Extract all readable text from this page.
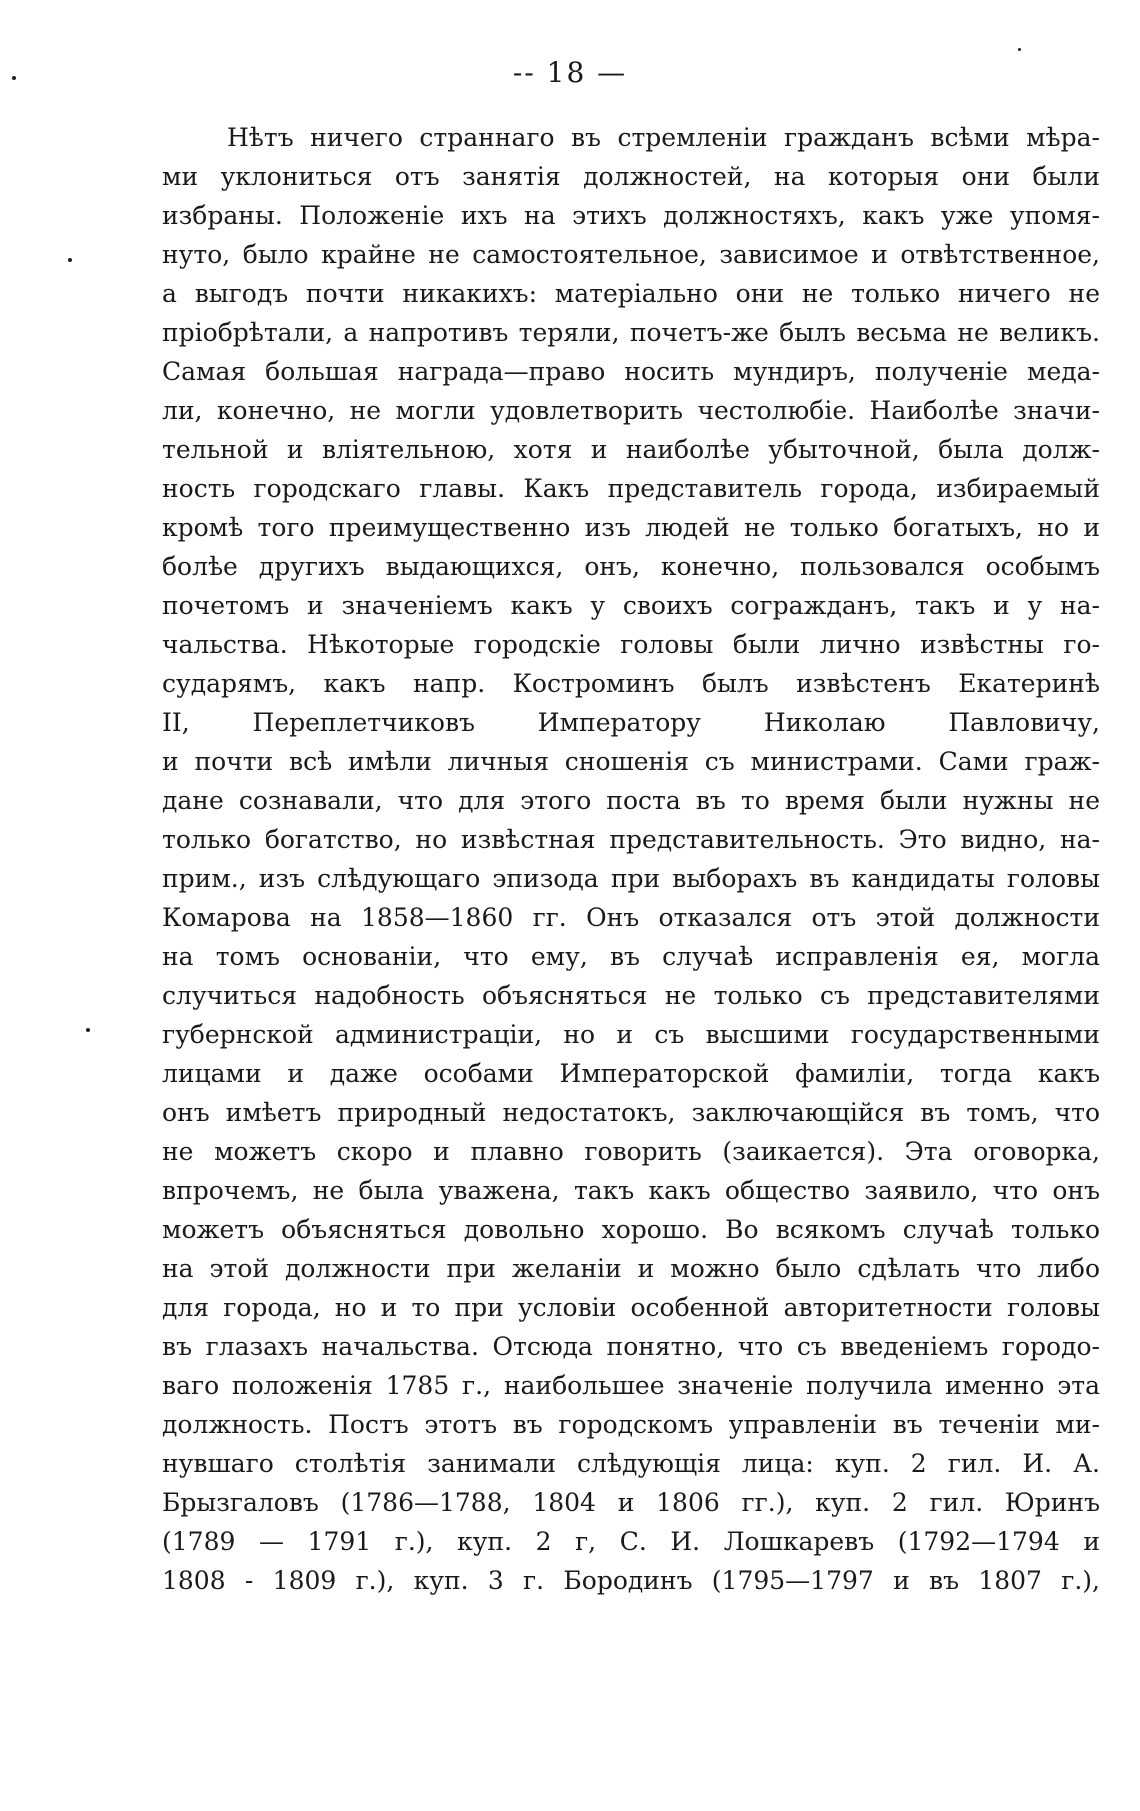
-- 18 —
Нѣтъ ничего страннаго въ стремленіи гражданъ всѣми мѣра-
ми уклониться отъ занятія должностей, на которыя они были
избраны. Положеніе ихъ на этихъ должностяхъ, какъ уже упомя-
нуто, было крайне не самостоятельное, зависимое и отвѣтственное,
а выгодъ почти никакихъ: матеріально они не только ничего не
пріобрѣтали, а напротивъ теряли, почетъ-же былъ весьма не великъ.
Самая большая награда—право носить мундиръ, полученіе меда-
ли, конечно, не могли удовлетворить честолюбіе. Наиболѣе значи-
тельной и вліятельною, хотя и наиболѣе убыточной, была долж-
ность городскаго главы. Какъ представитель города, избираемый
кромѣ того преимущественно изъ людей не только богатыхъ, но и
болѣе другихъ выдающихся, онъ, конечно, пользовался особымъ
почетомъ и значеніемъ какъ у своихъ согражданъ, такъ и у на-
чальства. Нѣкоторые городскіе головы были лично извѣстны го-
сударямъ, какъ напр. Костроминъ былъ извѣстенъ Екатеринѣ
II, Переплетчиковъ Императору Николаю Павловичу,
и почти всѣ имѣли личныя сношенія съ министрами. Сами граж-
дане сознавали, что для этого поста въ то время были нужны не
только богатство, но извѣстная представительность. Это видно, на-
прим., изъ слѣдующаго эпизода при выборахъ въ кандидаты головы
Комарова на 1858—1860 гг. Онъ отказался отъ этой должности
на томъ основаніи, что ему, въ случаѣ исправленія ея, могла
случиться надобность объясняться не только съ представителями
губернской администраціи, но и съ высшими государственными
лицами и даже особами Императорской фамиліи, тогда какъ
онъ имѣетъ природный недостатокъ, заключающійся въ томъ, что
не можетъ скоро и плавно говорить (заикается). Эта оговорка,
впрочемъ, не была уважена, такъ какъ общество заявило, что онъ
можетъ объясняться довольно хорошо. Во всякомъ случаѣ только
на этой должности при желаніи и можно было сдѣлать что либо
для города, но и то при условіи особенной авторитетности головы
въ глазахъ начальства. Отсюда понятно, что съ введеніемъ городо-
ваго положенія 1785 г., наибольшее значеніе получила именно эта
должность. Постъ этотъ въ городскомъ управленіи въ теченіи ми-
нувшаго столѣтія занимали слѣдующія лица: куп. 2 гил. И. А.
Брызгаловъ (1786—1788, 1804 и 1806 гг.), куп. 2 гил. Юринъ
(1789 — 1791 г.), куп. 2 г, С. И. Лошкаревъ (1792—1794 и
1808 - 1809 г.), куп. 3 г. Бородинъ (1795—1797 и въ 1807 г.),
